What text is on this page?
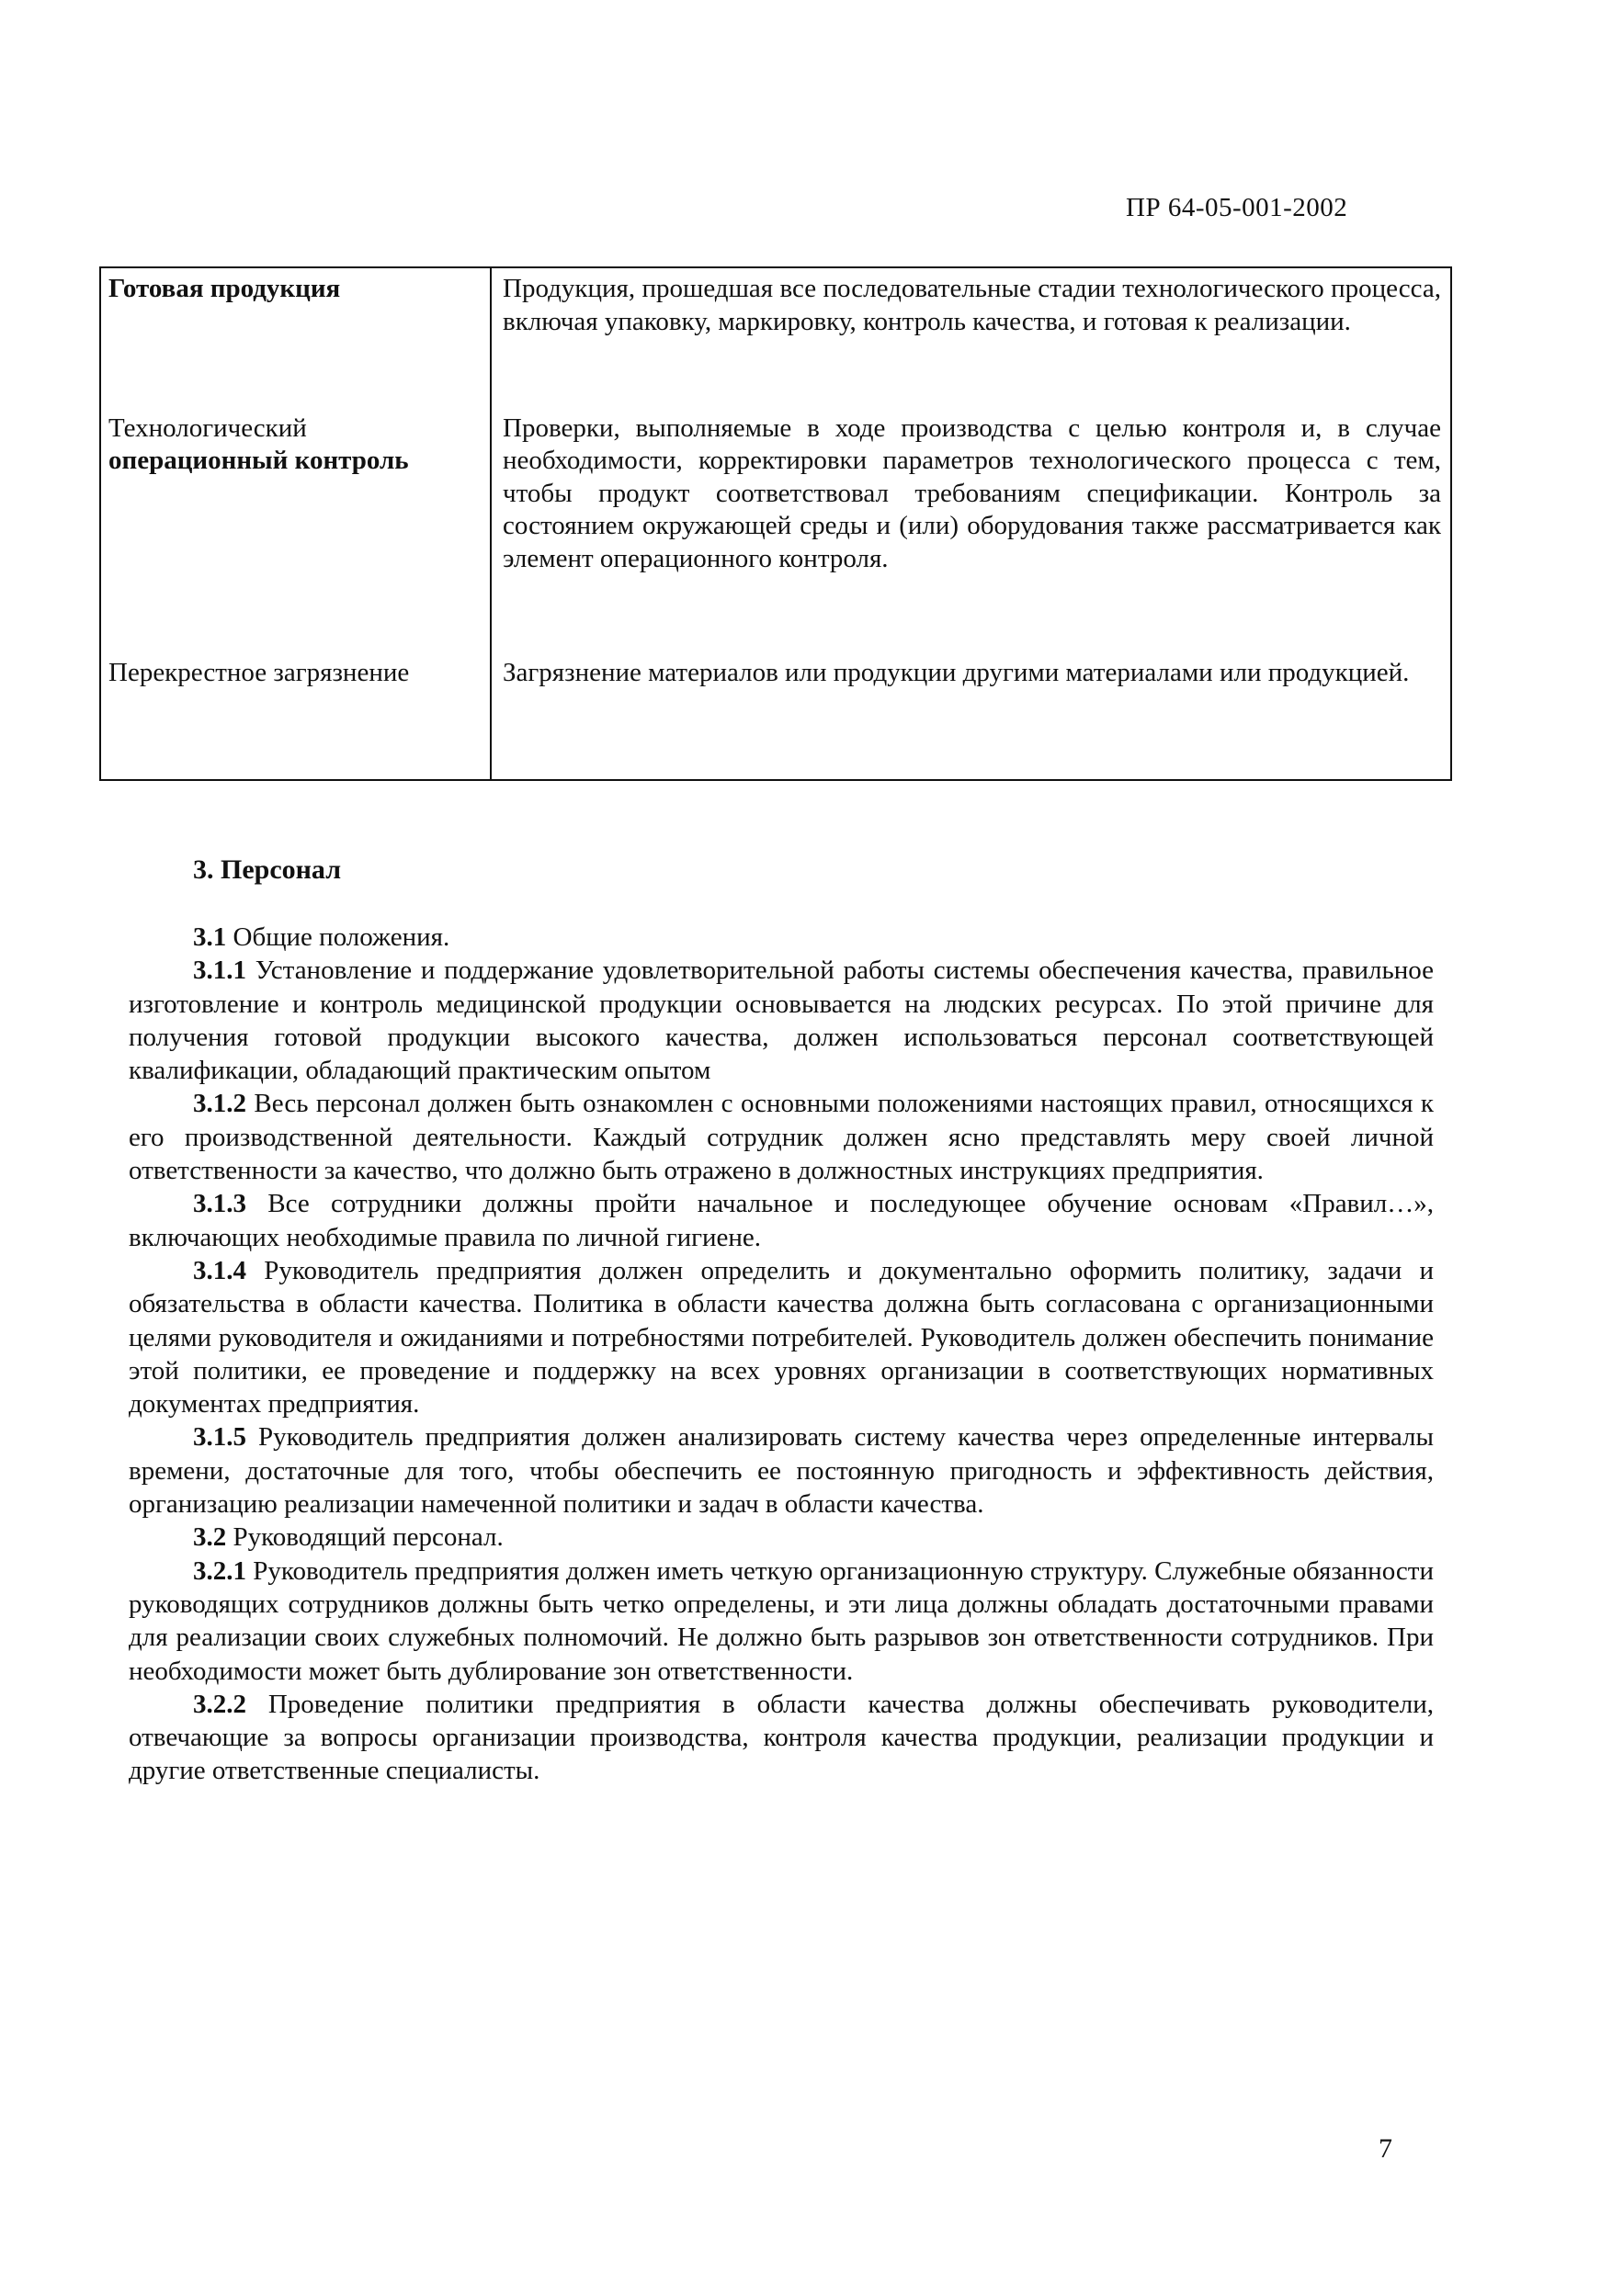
ПР 64-05-001-2002
Готовая продукция	Продукция, прошедшая все последовательные стадии технологического процесса, включая упаковку, маркировку, контроль качества, и готовая к реализации.

Технологический операционный контроль	Проверки, выполняемые в ходе производства с целью контроля и, в случае необходимости, корректировки параметров технологического процесса с тем, чтобы продукт соответствовал требованиям спецификации. Контроль за состоянием окружающей среды и (или) оборудования также рассматривается как элемент операционного контроля.
Перекрестное загрязнение	Загрязнение материалов или продукции другими материалами или продукцией.

3. Персонал

3.1 Общие положения.

3.1.1 Установление и поддержание удовлетворительной работы системы обеспечения качества, правильное изготовление и контроль медицинской продукции основывается на людских ресурсах. По этой причине для получения готовой продукции высокого качества, должен использоваться персонал соответствующей квалификации, обладающий практическим опытом

3.1.2 Весь персонал должен быть ознакомлен с основными положениями настоящих правил, относящихся к его производственной деятельности. Каждый сотрудник должен ясно представлять меру своей личной ответственности за качество, что должно быть отражено в должностных инструкциях предприятия.

3.1.3 Все сотрудники должны пройти начальное и последующее обучение основам «Правил…», включающих необходимые правила по личной гигиене.

3.1.4 Руководитель предприятия должен определить и документально оформить политику, задачи и обязательства в области качества. Политика в области качества должна быть согласована с организационными целями руководителя и ожиданиями и потребностями потребителей. Руководитель должен обеспечить понимание этой политики, ее проведение и поддержку на всех уровнях организации в соответствующих нормативных документах предприятия.

3.1.5 Руководитель предприятия должен анализировать систему качества через определенные интервалы времени, достаточные для того, чтобы обеспечить ее постоянную пригодность и эффективность действия, организацию реализации намеченной политики и задач в области качества.

3.2 Руководящий персонал.

3.2.1 Руководитель предприятия должен иметь четкую организационную структуру. Служебные обязанности руководящих сотрудников должны быть четко определены, и эти лица должны обладать достаточными правами для реализации своих служебных полномочий. Не должно быть разрывов зон ответственности сотрудников. При необходимости может быть дублирование зон ответственности.

3.2.2 Проведение политики предприятия в области качества должны обеспечивать руководители, отвечающие за вопросы организации производства, контроля качества продукции, реализации продукции и другие ответственные специалисты.

7
